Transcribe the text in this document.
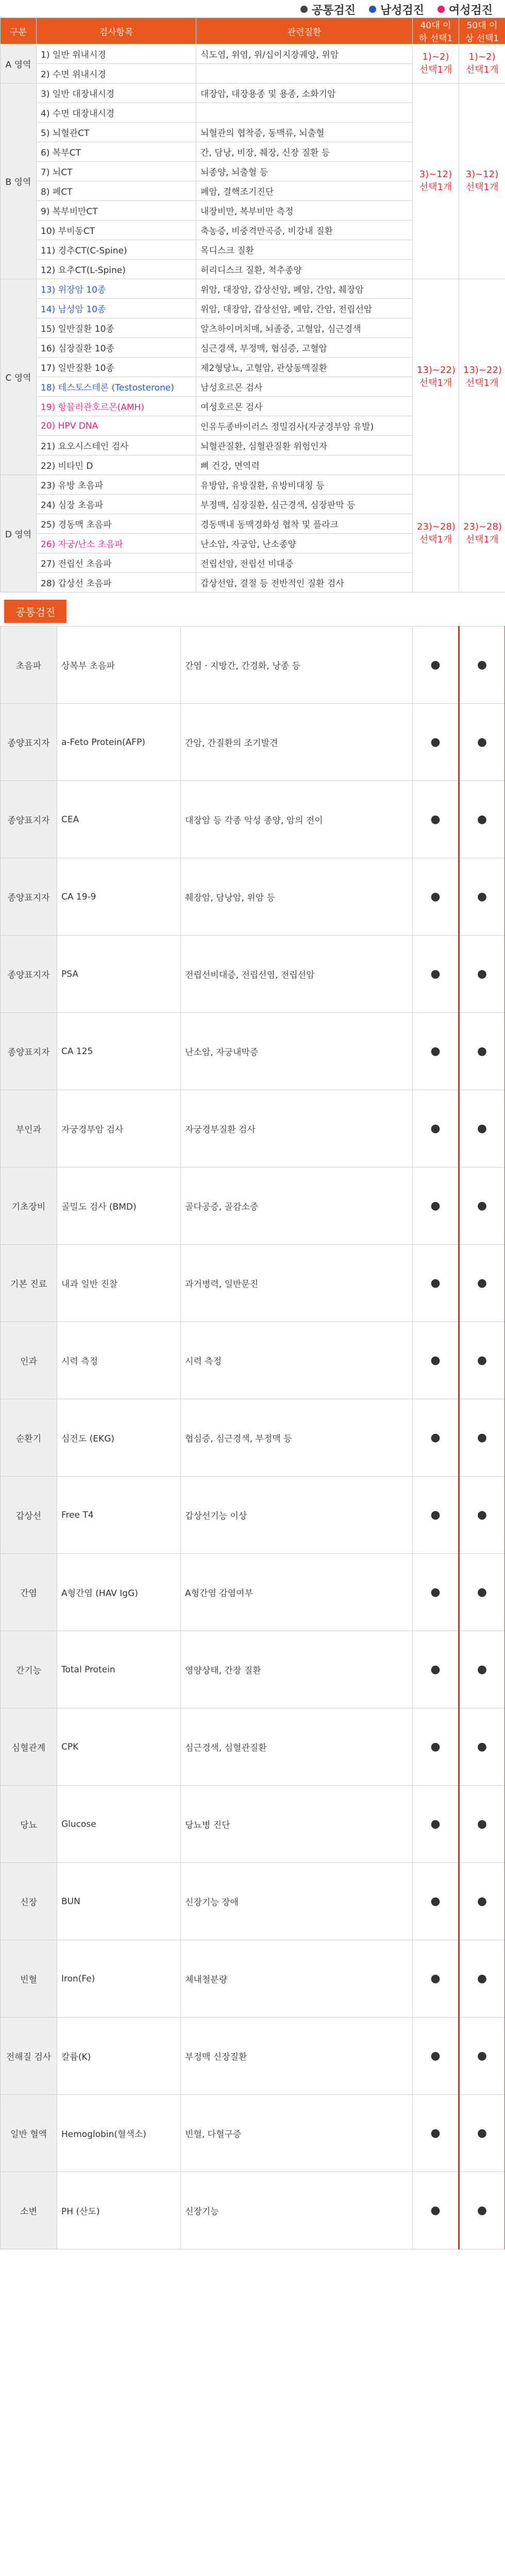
공통검진 남성검진 여성검진
구분	검사항목	관련질환	40대 이하 선택1	50대 이상 선택1
A 영역	1) 일반 위내시경	식도염, 위염, 위/십이지장궤양, 위암	1)~2) 선택1개	1)~2) 선택1개
	2) 수면 위내시경			
B 영역	3) 일반 대장내시경	대장암, 대장용종 및 용종, 소화기암	3)~12) 선택1개	3)~12) 선택1개
	4) 수면 대장내시경			
	5) 뇌혈관CT	뇌혈관의 협착증, 동맥류, 뇌출혈		
	6) 복부CT	간, 담낭, 비장, 췌장, 신장 질환 등		
	7) 뇌CT	뇌종양, 뇌출혈 등		
	8) 폐CT	폐암, 결핵조기진단		
	9) 복부비만CT	내장비만, 복부비만 측정		
	10) 부비동CT	축농증, 비중격만곡증, 비강내 질환		
	11) 경추CT(C-Spine)	목디스크 질환		
	12) 요추CT(L-Spine)	허리디스크 질환, 척추종양		
C 영역	13) 위장암 10종	위암, 대장암, 갑상선암, 폐암, 간암, 췌장암	13)~22) 선택1개	13)~22) 선택1개
	14) 남성암 10종	위암, 대장암, 갑상선암, 폐암, 간암, 전립선암		
	15) 일반질환 10종	알츠하이머치매, 뇌졸중, 고혈압, 심근경색		
	16) 심장질환 10종	심근경색, 부정맥, 협심증, 고혈압		
	17) 일반질환 10종	제2형당뇨, 고혈압, 관상동맥질환		
	18) 테스토스테론 (Testosterone)	남성호르몬 검사		
	19) 항뮬러관호르몬(AMH)	여성호르몬 검사		
	20) HPV DNA	인유두종바이러스 정밀검사(자궁경부암 유발)		
	21) 요오시스테인 검사	뇌혈관질환, 심혈관질환 위험인자		
	22) 비타민 D	뼈 건강, 면역력		
D 영역	23) 유방 초음파	유방암, 유방질환, 유방비대칭 등	23)~28) 선택1개	23)~28) 선택1개
	24) 심장 초음파	부정맥, 심장질환, 심근경색, 심장판막 등		
	25) 경동맥 초음파	경동맥내 동맥경화성 협착 및 플라크		
	26) 자궁/난소 초음파	난소암, 자궁암, 난소종양		
	27) 전립선 초음파	전립선암, 전립선 비대증		
	28) 갑상선 초음파	갑상선암, 결절 등 전반적인 질환 검사		
공통검진
초음파	상복부 초음파	간염 · 지방간, 간경화, 낭종 등	●	●
종양표지자	a-Feto Protein(AFP)	간암, 간질환의 조기발견	●	●
종양표지자	CEA	대장암 등 각종 악성 종양, 암의 전이	●	●
종양표지자	CA 19-9	췌장암, 담낭암, 위암 등	●	●
종양표지자	PSA	전립선비대증, 전립선염, 전립선암	●	●
종양표지자	CA 125	난소암, 자궁내막증	●	●
부인과	자궁경부암 검사	자궁경부질환 검사	●	●
기초장비	골밀도 검사 (BMD)	골다공증, 골감소증	●	●
기본 진료	내과 일반 진찰	과거병력, 일반문진	●	●
인과	시력 측정	시력 측정	●	●
순환기	심전도 (EKG)	협심증, 심근경색, 부정맥 등	●	●
갑상선	Free T4	갑상선기능 이상	●	●
간염	A형간염 (HAV IgG)	A형간염 감염여부	●	●
간기능	Total Protein	영양상태, 간장 질환	●	●
심혈관계	CPK	심근경색, 심혈관질환	●	●
당뇨	Glucose	당뇨병 진단	●	●
신장	BUN	신장기능 장애	●	●
빈혈	Iron(Fe)	체내철분량	●	●
전해질 검사	칼륨(K)	부정맥 신장질환	●	●
일반 혈액	Hemoglobin(혈색소)	빈혈, 다혈구증	●	●
소변	PH (산도)	신장기능	●	●
